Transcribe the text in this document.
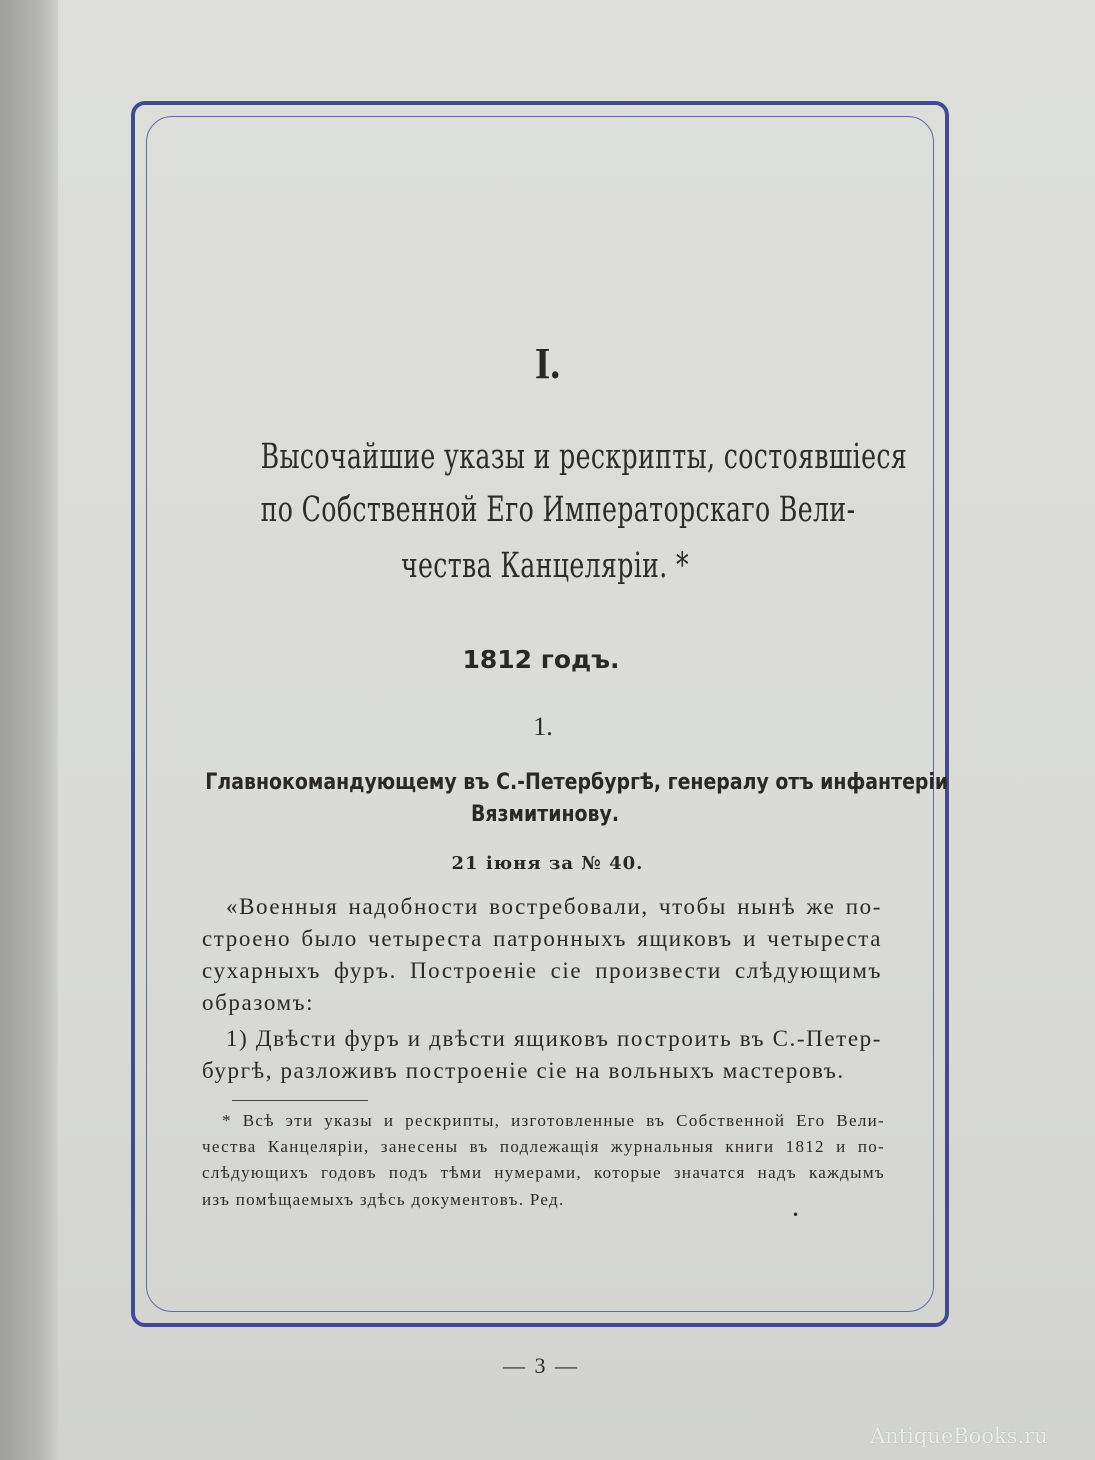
I.
Высочайшие указы и рескрипты, состоявшiеся
по Собственной Его Императорскаго Вели-
чества Канцелярiи. *
1812 годъ.
1.
Главнокомандующему въ С.-Петербургѣ, генералу отъ инфантерiи
Вязмитинову.
21 iюня за № 40.
«Военныя надобности востребовали, чтобы нынѣ же по-
строено было четыреста патронныхъ ящиковъ и четыреста
сухарныхъ фуръ. Построенiе сiе произвести слѣдующимъ
образомъ:
1) Двѣсти фуръ и двѣсти ящиковъ построить въ С.-Петер-
бургѣ, разложивъ построенiе сiе на вольныхъ мастеровъ.
* Всѣ эти указы и рескрипты, изготовленные въ Собственной Его Вели-
чества Канцелярiи, занесены въ подлежащiя журнальныя книги 1812 и по-
слѣдующихъ годовъ подъ тѣми нумерами, которые значатся надъ каждымъ
изъ помѣщаемыхъ здѣсь документовъ. Ред.
•
— 3 —
AntiqueBooks.ru
